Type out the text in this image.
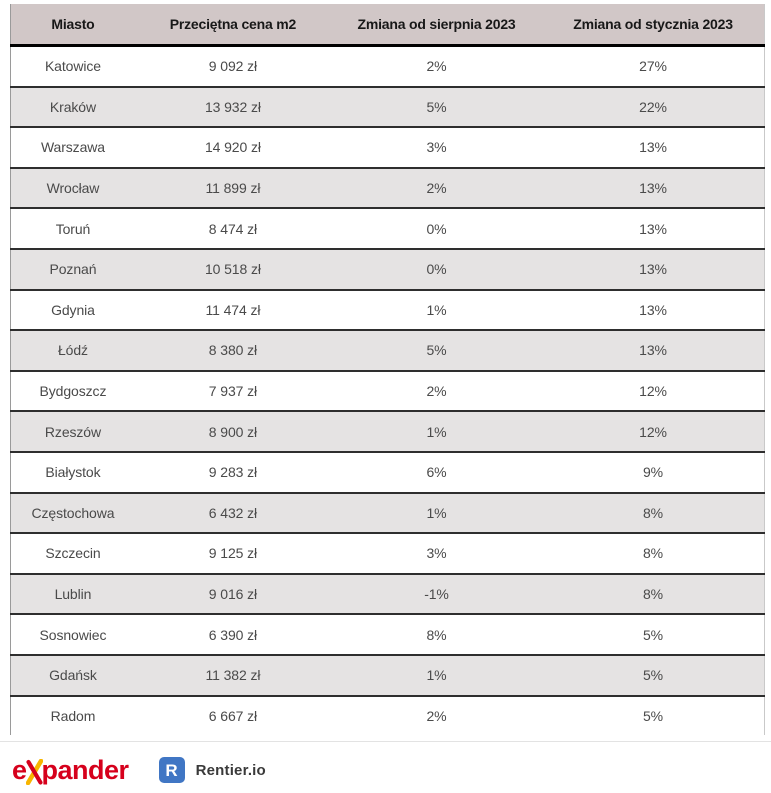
Miasto	Przeciętna cena m2	Zmiana od sierpnia 2023	Zmiana od stycznia 2023
Katowice	9 092 zł	2%	27%
Kraków	13 932 zł	5%	22%
Warszawa	14 920 zł	3%	13%
Wrocław	11 899 zł	2%	13%
Toruń	8 474 zł	0%	13%
Poznań	10 518 zł	0%	13%
Gdynia	11 474 zł	1%	13%
Łódź	8 380 zł	5%	13%
Bydgoszcz	7 937 zł	2%	12%
Rzeszów	8 900 zł	1%	12%
Białystok	9 283 zł	6%	9%
Częstochowa	6 432 zł	1%	8%
Szczecin	9 125 zł	3%	8%
Lublin	9 016 zł	-1%	8%
Sosnowiec	6 390 zł	8%	5%
Gdańsk	11 382 zł	1%	5%
Radom	6 667 zł	2%	5%
e pander	R	Rentier.io
